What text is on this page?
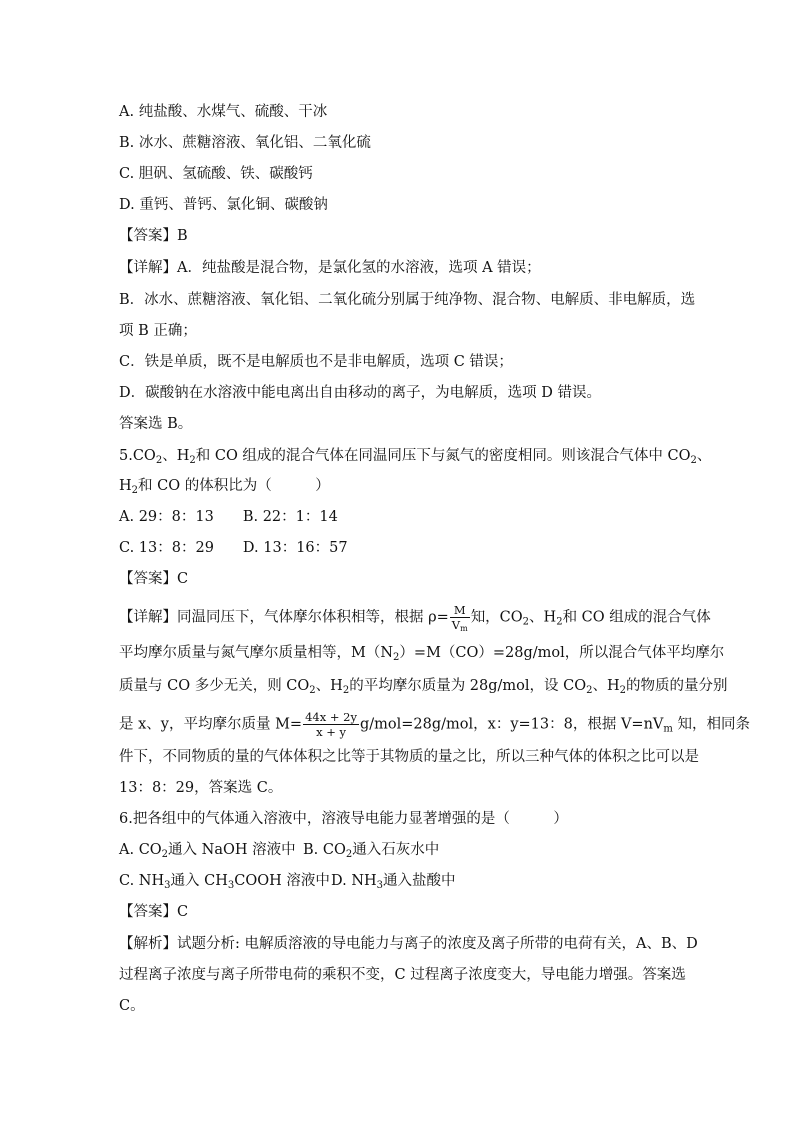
A. 纯盐酸、水煤气、硫酸、干冰
B. 冰水、蔗糖溶液、氧化铝、二氧化硫
C. 胆矾、氢硫酸、铁、碳酸钙
D. 重钙、普钙、氯化铜、碳酸钠
【答案】B
【详解】A．纯盐酸是混合物，是氯化氢的水溶液，选项 A 错误；
B．冰水、蔗糖溶液、氧化铝、二氧化硫分别属于纯净物、混合物、电解质、非电解质，选
项 B 正确；
C．铁是单质，既不是电解质也不是非电解质，选项 C 错误；
D．碳酸钠在水溶液中能电离出自由移动的离子，为电解质，选项 D 错误。
答案选 B。
$5.CO_2$、$H_2$和 CO 组成的混合气体在同温同压下与氮气的密度相同。则该混合气体中 $CO_2$、
$H_2$和 CO 的体积比为（　　　）
A. 29：8：13　　B. 22：1：14
C. 13：8：29　　D. 13：16：57
【答案】C
【详解】同温同压下，气体摩尔体积相等，根据 $\rho= \frac{M}{V_m}$ 知，$CO_2$、$H_2$和 CO 组成的混合气体
平均摩尔质量与氮气摩尔质量相等，$M(N_2)=M(CO)=28g$/mol，所以混合气体平均摩尔
质量与 CO 多少无关，则 $CO_2$、$H_2$的平均摩尔质量为 28g/mol，设 $CO_2$、$H_2$的物质的量分别
是 x、y，平均摩尔质量 $M= \frac{44x + 2y}{x + y} g/mol=28g/mol$，x：y=13：8，根据 $V=nV_m$ 知，相同条
件下，不同物质的量的气体体积之比等于其物质的量之比，所以三种气体的体积之比可以是
13：8：29，答案选 C。
6.把各组中的气体通入溶液中，溶液导电能力显著增强的是（　　　）
A. $CO_2$通入 NaOH 溶液中 B. $CO_2$通入石灰水中
C. $NH_3$通入 $CH_3COOH$ 溶液中 D. $NH_3$通入盐酸中
【答案】C
【解析】试题分析: 电解质溶液的导电能力与离子的浓度及离子所带的电荷有关，A、B、D
过程离子浓度与离子所带电荷的乘积不变，C 过程离子浓度变大，导电能力增强。答案选
C。
